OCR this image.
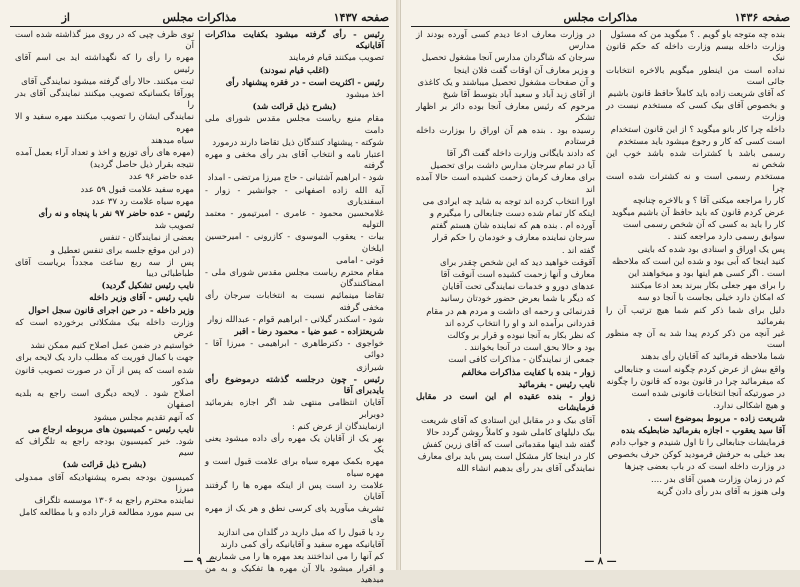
صفحه ۱۴۳۷
مذاکرات مجلس
از

رئیس - رأی گرفته میشود بکفایت مذاکرات آقایانیکه

تصویب میکنند قیام فرمایند

(اغلب قیام نمودند)

رئیس - اکثریت است - در فقره پیشنهاد رأی

اخذ میشود

(بشرح ذیل قرائت شد)

مقام منیع ریاست مجلس مقدس شورای ملی دامت

شوکته - پیشنهاد کنندگان ذیل تقاضا دارند درمورد

اعتبار نامه و انتخاب آقای بدر رأی مخفی و مهره گرفته

شود - ابراهیم آشتیانی - حاج میرزا مرتضی - امداد

آیة الله زاده اصفهانی - جوانشیر - زوار - اسفندیاری

غلامحسین محمود - عامری - امیرتیمور - معتمد التولیه

بیات - یعقوب الموسوی - کازرونی - امیرحسین ایلخان

قوتی - امامی

مقام محترم ریاست مجلس مقدس شورای ملی - امضاکنندگان

تقاضا مینمائیم نسبت به انتخابات سرجان رأی مخفی گرفته

شود - اسکندر گیلانی - ابراهیم قوام - عبدالله زوار

شریعتزاده - عمو ضیا - محمود رضا - اقبر

خواجوی - دکترطاهری - ابراهیمی - میرزا آقا - دوائی

شیرازی

رئیس - چون درجلسه گذشته درموضوع رأی بایدبرای آقا

آقایان انتظامی منتهی شد اگر اجازه بفرمائید دوبرابر

ازنمایندگان از عرض کنم :

بهر یک از آقایان یک مهره رأی داده میشود یعنی یک

مهره بکمک مهره سیاه برای علامت قبول است و مهره سیاه

علامت رد است پس از اینکه مهره ها را گرفتند آقایان

تشریف میآورید پای کرسی نطق و هر یک از مهره های

رد یا قبول را که میل دارید در گلدان می اندازید

آقایانیکه مهره سفید و آقایانیکه رأی کمی دارند

کم آنها را می انداختند بعد مهره ها را می شماریم

و اقرار میشود بالا آن مهره ها تفکیک و به من میدهید

توی ظرف چپی که در روی میز گذاشته شده است آن

مهره را رأی را که نگهداشته اید بی اسم آقای رئیس

ثبت میکنند. حالا رأی گرفته میشود نمایندگی آقای

پورآقا بکسانیکه تصویب میکنند نمایندگی آقای بدر را

نمایندگی ایشان را تصویب میکنند مهره سفید و الا مهره

سیاه میدهند

(مهره های رأی توزیع و اخذ و تعداد آراء بعمل آمده

نتیجه بقرار ذیل حاصل گردید)

عده حاضر ۹۶ عدد

مهره سفید علامت قبول ۵۹ عدد

مهره سیاه علامت رد ۳۷ عدد

رئیس - عده حاضر ۹۷ نفر با پنجاه و نه رأی

تصویب شد

بعضی از نمایندگان - تنفس

(در این موقع جلسه برای تنفس تعطیل و

پس از سه ربع ساعت مجدداً بریاست آقای طباطبائی دیبا

نایب رئیس تشکیل گردید)

نایب رئیس - آقای وزیر داخله

وزیر داخله - در حین اجرای قانون سجل احوال

وزارت داخله بیک مشکلاتی برخورده است که عرض

خواستیم در ضمن عمل اصلاح کنیم ممکن نشد

جهت با کمال فوریت که مطلب دارد یک لایحه برای

شده است که پس از آن در صورت تصویب قانون مذکور

اصلاح شود . لایحه دیگری است راجع به بلدیه اصفهان

که آنهم تقدیم مجلس میشود

نایب رئیس - کمیسیون های مربوطه ارجاع می

شود. خبر کمیسیون بودجه راجع به تلگراف که سیم

(بشرح ذیل قرائت شد)

کمیسیون بودجه بصره پیشنهادیکه آقای ممدولی میرزا

نماینده محترم راجع به ۱۳۰۶ موسسه تلگراف

بی سیم مورد مطالعه قرار داده و با مطالعه کامل

— ۹ —
صفحه ۱۴۳۶
مذاکرات مجلس

بنده چه متوجه باو گویم . ؟ میگوید من که مسئول

وزارت داخله بیسم وزارت داخله که حکم قانون نیک

نداده است من اینطور میگویم بالاخره انتخابات جائی است

که آقای شریعت زاده باید کاملاً حافظ قانون باشیم

و بخصوص آقای بیک کسی که مستخدم نیست در وزارت

داخله چرا کار بانو میگوید ؟ از این قانون استخدام

است کسی که کار و رجوع میشود باید مستخدم

رسمی باشد با کشترات شده باشد خوب این شخص نه

مستخدم رسمی است و نه کشترات شده است چرا

کار را مراجعه میکنی آقا ؟ و بالاخره چنانچه

عرض کردم قانون که باید حافظ آن باشیم میگوید

کار را باید به کسی که آن شخص رسمی است

سوابق رسمی دارد مراجعه کنند .

پس یک اوراق و اسنادی بود شده که باینی

کنید اینجا که آبی بود و شده این است که ملاحظه

است . اگر کسی هم اینها بود و میخواهند این

را برای مهر جعلی بکار ببرند بعد ادعا میکنند

که امکان دارد خیلی بجاست با آنجا دو سه

دلیل برای شما ذکر کنم شما هیچ ترتیب آن را بفرمائید

غیر آنچه من ذکر کردم پیدا شد به آن چه منظور است

شما ملاحظه فرمائید که آقایان رأی بدهند

واقع بیش از عرض کردم چگونه است و جنابعالی

که میفرمائید چرا در قانون بوده که قانون را چگونه

در صورتیکه آنجا انتخابات قانونی شده است

و هیچ اشکالی ندارد.

شریعت زاده - مربوط بموضوع است .

آقا سید یعقوب - اجازه بفرمائید ضابطیکه بنده

فرمایشات جنابعالی را تا اول شنیدم و جواب دادم

بعد خیلی به حرفش فرمودید کوکن حرف بخصوص

در وزارت داخله است که در باب بعضی چیزها

کم در زمان وزارت همین آقای بدر ....

ولی هنوز به آقای بدر رأی دادن گریه

در وزارت معارف ادعا دیدم کسی آورده بودند از مدارس

سرجان که شاگردان مدارس آنجا مشغول تحصیل

و وزیر معارف آن اوقات گفت فلان اینجا

و آن صفحات مشغول تحصیل میباشند و یک کاغذی

از آقای زید آباد و سعید آباد بتوسط آقا شیخ

مرحوم که رئیس معارف آنجا بوده دائر بر اظهار تشکر

رسیده بود . بنده هم آن اوراق را بوزارت داخله فرستادم

که دادند بایگانی وزارت داخله گفت اگر آقا

آیا در تمام سرجان مدارس داشت برای تحصیل

برای معارف کرمان زحمت کشیده است حالا آمده اند

اورا انتخاب کرده اند توجه به شاید چه ایرادی می

اینکه کار تمام شده دست جنابعالی را میگیرم و

آورده ام . بنده هم که نماینده شان هستم گفتم

سرجان نماینده معارف و خودمان را حکم قرار

گفته اند .

آقوقت خواهید دید که این شخص چقدر برای

معارف و آنها زحمت کشیده است آنوقت آقا

عدهای دورو و خدمات نمایندگی تحت آقایان

که دیگر با شما بعرض حضور خودتان رسانید

قدرنمائی و رحمه ای داشت و مردم هم در مقام

قدردانی برآمده اند و او را انتخاب کرده اند

که نظر بکار به آنجا نبوده و قرار بر وکالت

بود و حالا بحق است در آنجا بخوانند .

جمعی از نمایندگان - مذاکرات کافی است

زوار - بنده با کفایت مذاکرات مخالفم

نایب رئیس - بفرمائید

زوار - بنده عقیده ام این است در مقابل فرمایشات

آقای بیک و در مقابل این استادی که آقای شریعت

بیک دلیلهای کاملی شود و کاملاً روشن گردد حالا

گفته شد اینها مقدماتی است که آقای زرین کفش

کار در اینجا کار مشکل است پس باید برای معارف

نمایندگی آقای بدر رأی بدهیم انشاء الله

— ۸ —
